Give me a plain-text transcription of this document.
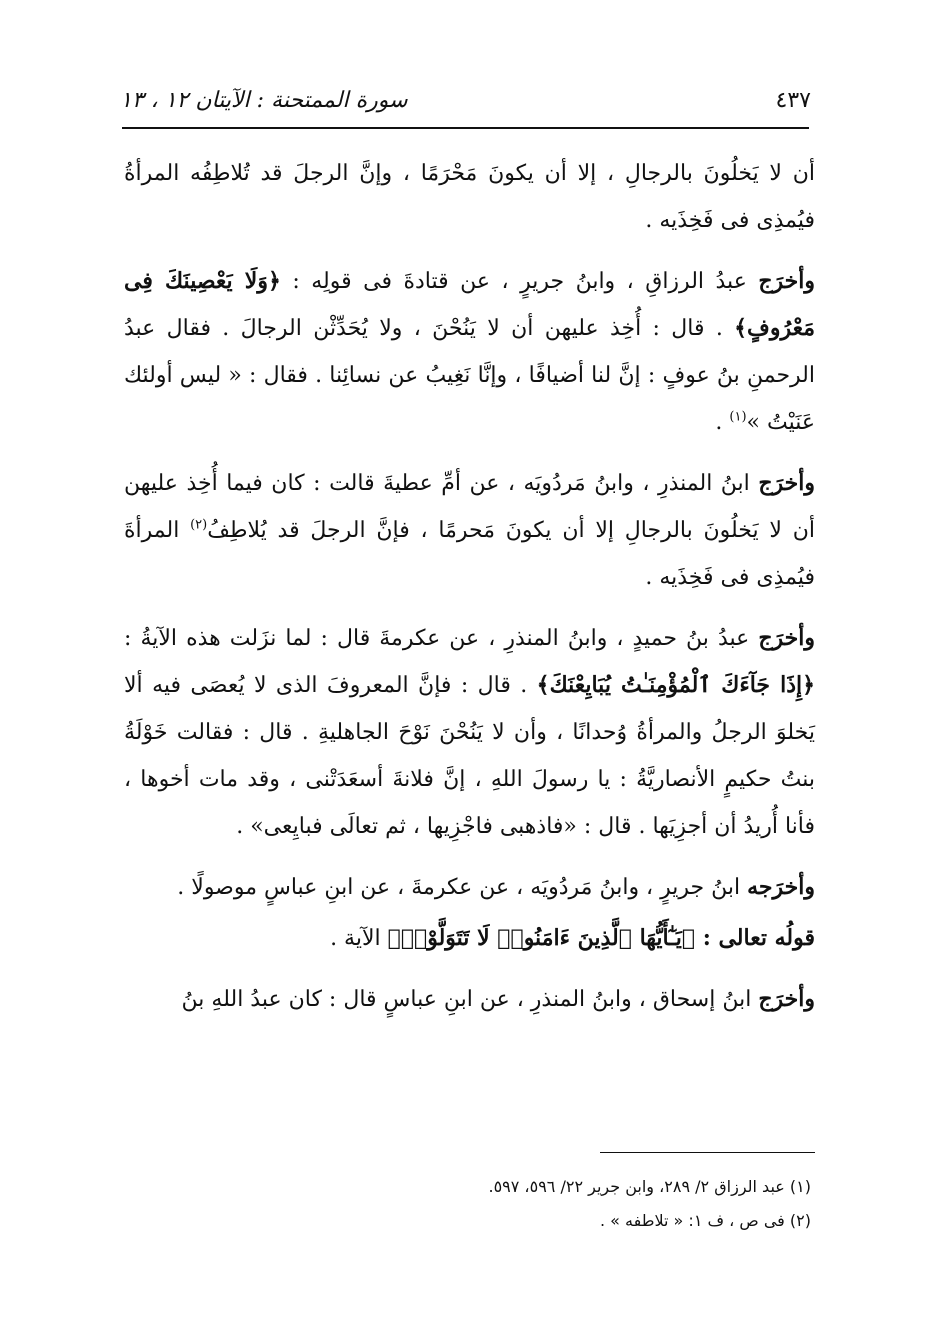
سورة الممتحنة : الآيتان ١٢ ، ١٣	٤٣٧

أن لا يَخلُونَ بالرجالِ ، إلا أن يكونَ مَحْرَمًا ، وإنَّ الرجلَ قد تُلاطِفُه المرأةُ فيُمذِى فى فَخِذَيه .

وأخرَج عبدُ الرزاقِ ، وابنُ جريرٍ ، عن قتادةَ فى قولِه : ﴿وَلَا يَعْصِينَكَ فِى مَعْرُوفٍ﴾ . قال : أُخِذ عليهن أن لا يَنُحْنَ ، ولا يُحَدِّثْن الرجالَ . فقال عبدُ الرحمنِ بنُ عوفٍ : إنَّ لنا أضيافًا ، وإنَّا نَغِيبُ عن نسائِنا . فقال : « ليس أولئك عَنَيْتُ »$^{(١)}$ .

وأخرَج ابنُ المنذرِ ، وابنُ مَردُويَه ، عن أمِّ عطيةَ قالت : كان فيما أُخِذ عليهن أن لا يَخلُونَ بالرجالِ إلا أن يكونَ مَحرمًا ، فإنَّ الرجلَ قد يُلاطِفُ$^{(٢)}$ المرأةَ فيُمذِى فى فَخِذَيه .

وأخرَج عبدُ بنُ حميدٍ ، وابنُ المنذرِ ، عن عكرمةَ قال : لما نزَلت هذه الآيةُ : ﴿إِذَا جَآءَكَ ٱلْمُؤْمِنَـٰتُ يُبَايِعْنَكَ﴾ . قال : فإنَّ المعروفَ الذى لا يُعصَى فيه ألا يَخلوَ الرجلُ والمرأةُ وُحدانًا ، وأن لا يَنُحْنَ نَوْحَ الجاهليةِ . قال : فقالت خَوْلَةُ بنتُ حكيمٍ الأنصاريَّةُ : يا رسولَ اللهِ ، إنَّ فلانةَ أسعَدَتْنى ، وقد مات أخوها ، فأنا أُريدُ أن أجزِيَها . قال : «فاذهبى فاجْزِيها ، ثم تعالَى فبايِعى» .

وأخرَجه ابنُ جريرٍ ، وابنُ مَردُويَه ، عن عكرمةَ ، عن ابنِ عباسٍ موصولًا .

قولُه تعالى : ﴿يَـٰٓأَيُّهَا ٱلَّذِينَ ءَامَنُوا۟ لَا تَتَوَلَّوْا۟﴾ الآية .

وأخرَج ابنُ إسحاق ، وابنُ المنذرِ ، عن ابنِ عباسٍ قال : كان عبدُ اللهِ بنُ

(١) عبد الرزاق ٢/ ٢٨٩، وابن جرير ٢٢/ ٥٩٦، ٥٩٧.

(٢) فى ص ، ف ١: « تلاطفه » .
